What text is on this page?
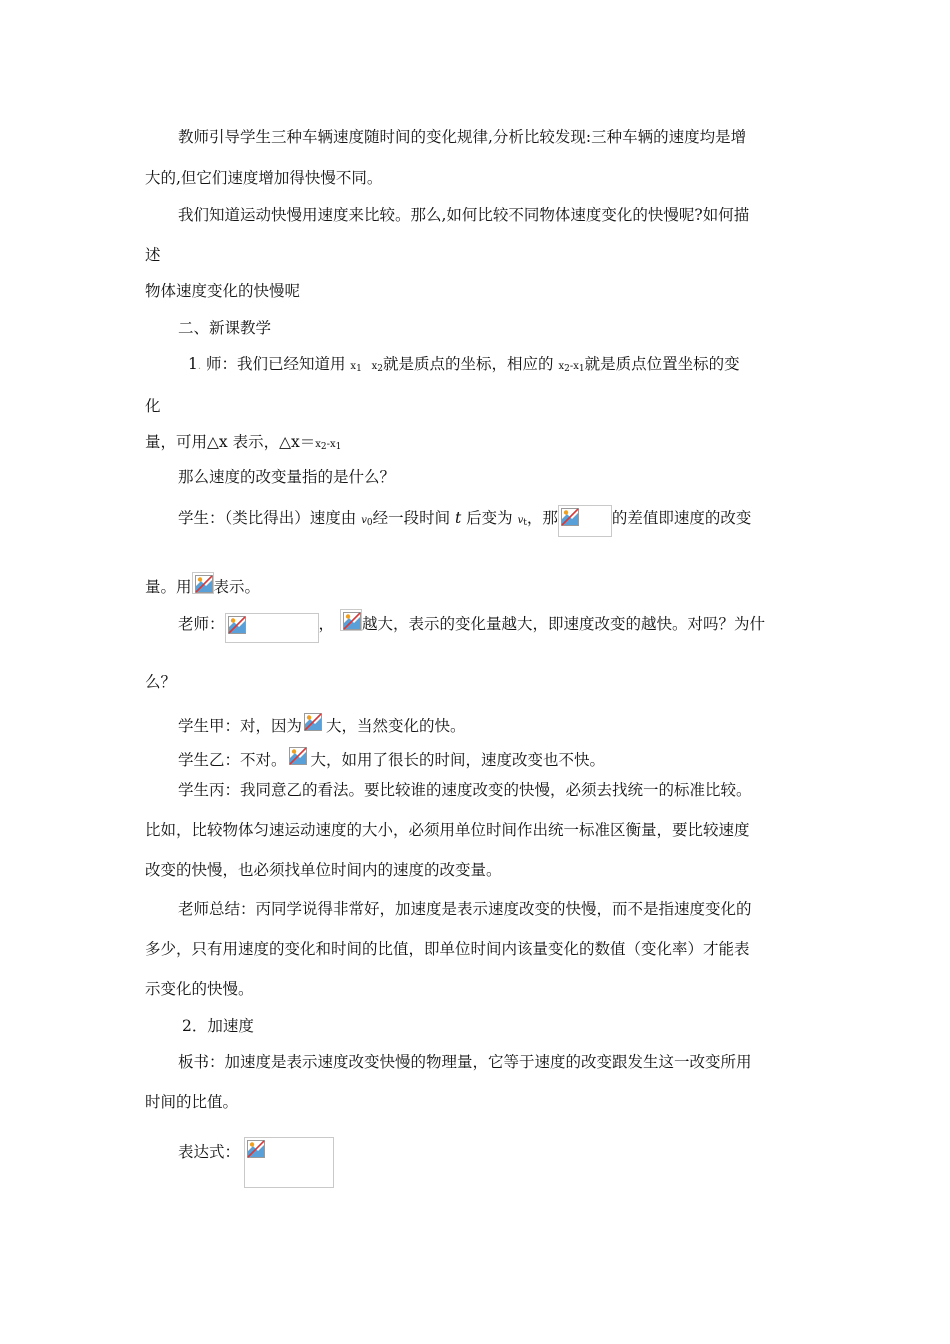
教师引导学生三种车辆速度随时间的变化规律,分析比较发现:三种车辆的速度均是增
大的,但它们速度增加得快慢不同。
我们知道运动快慢用速度来比较。那么,如何比较不同物体速度变化的快慢呢?如何描
述
物体速度变化的快慢呢
二、新课教学
1. 师：我们已经知道用 $x_1$ $x_2$就是质点的坐标，相应的 $x_2-x_1$就是质点位置坐标的变
化
量，可用△x 表示，$\triangle x=x_2-x_1$
那么速度的改变量指的是什么？
学生：（类比得出）速度由 $v_0$经一段时间 t 后变为 $v_t$，那	的差值即速度的改变
量。用 表示。
老师：	， 越大，表示的变化量越大，即速度改变的越快。对吗？为什
么？
学生甲：对，因为 大，当然变化的快。
学生乙：不对。 大，如用了很长的时间，速度改变也不快。
学生丙：我同意乙的看法。要比较谁的速度改变的快慢，必须去找统一的标准比较。
比如，比较物体匀速运动速度的大小，必须用单位时间作出统一标准区衡量，要比较速度
改变的快慢，也必须找单位时间内的速度的改变量。
老师总结：丙同学说得非常好，加速度是表示速度改变的快慢，而不是指速度变化的
多少，只有用速度的变化和时间的比值，即单位时间内该量变化的数值（变化率）才能表
示变化的快慢。
2．加速度
板书：加速度是表示速度改变快慢的物理量，它等于速度的改变跟发生这一改变所用
时间的比值。
表达式：
